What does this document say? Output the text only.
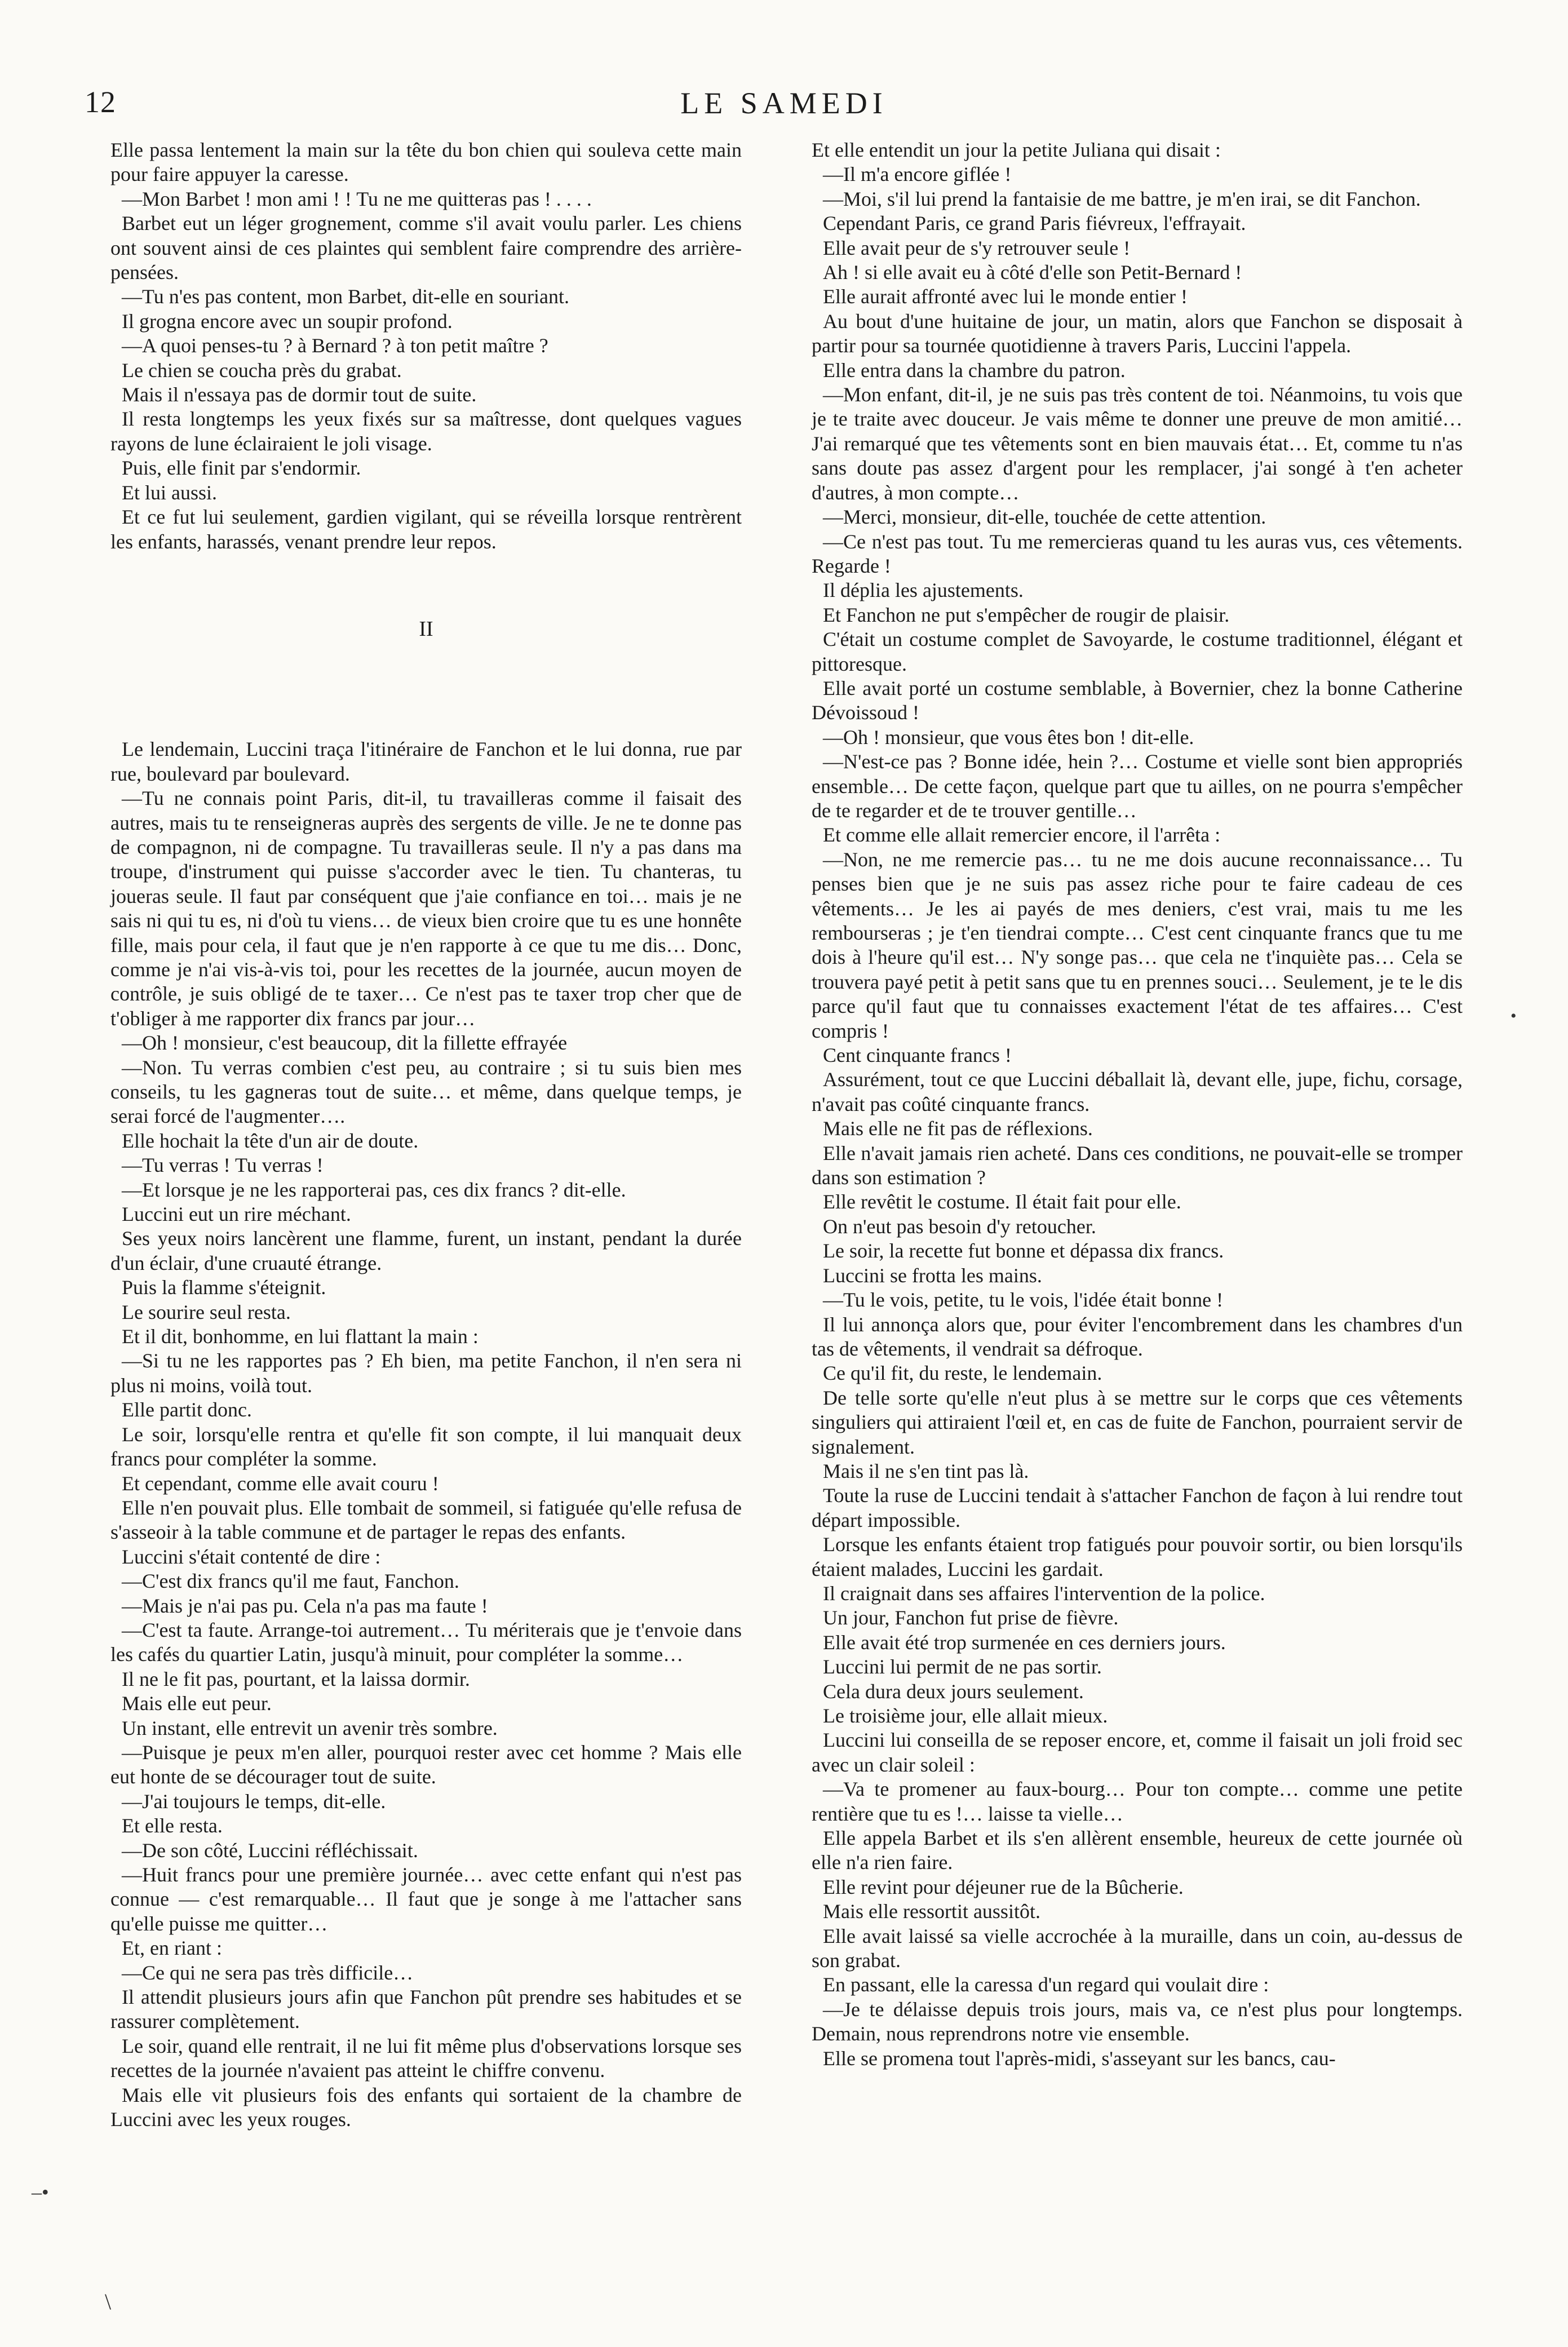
12	LE SAMEDI

Elle passa lentement la main sur la tête du bon chien qui souleva cette main pour faire appuyer la caresse.

—Mon Barbet ! mon ami ! ! Tu ne me quitteras pas ! . . . .

Barbet eut un léger grognement, comme s'il avait voulu parler. Les chiens ont souvent ainsi de ces plaintes qui semblent faire comprendre des arrière-pensées.

—Tu n'es pas content, mon Barbet, dit-elle en souriant.

Il grogna encore avec un soupir profond.

—A quoi penses-tu ? à Bernard ? à ton petit maître ?

Le chien se coucha près du grabat.

Mais il n'essaya pas de dormir tout de suite.

Il resta longtemps les yeux fixés sur sa maîtresse, dont quelques vagues rayons de lune éclairaient le joli visage.

Puis, elle finit par s'endormir.

Et lui aussi.

Et ce fut lui seulement, gardien vigilant, qui se réveilla lorsque rentrèrent les enfants, harassés, venant prendre leur repos.

II

Le lendemain, Luccini traça l'itinéraire de Fanchon et le lui donna, rue par rue, boulevard par boulevard.

—Tu ne connais point Paris, dit-il, tu travailleras comme il faisait des autres, mais tu te renseigneras auprès des sergents de ville. Je ne te donne pas de compagnon, ni de compagne. Tu travailleras seule. Il n'y a pas dans ma troupe, d'instrument qui puisse s'accorder avec le tien. Tu chanteras, tu joueras seule. Il faut par conséquent que j'aie confiance en toi… mais je ne sais ni qui tu es, ni d'où tu viens… de vieux bien croire que tu es une honnête fille, mais pour cela, il faut que je n'en rapporte à ce que tu me dis… Donc, comme je n'ai vis-à-vis toi, pour les recettes de la journée, aucun moyen de contrôle, je suis obligé de te taxer… Ce n'est pas te taxer trop cher que de t'obliger à me rapporter dix francs par jour…

—Oh ! monsieur, c'est beaucoup, dit la fillette effrayée

—Non. Tu verras combien c'est peu, au contraire ; si tu suis bien mes conseils, tu les gagneras tout de suite… et même, dans quelque temps, je serai forcé de l'augmenter….

Elle hochait la tête d'un air de doute.

—Tu verras ! Tu verras !

—Et lorsque je ne les rapporterai pas, ces dix francs ? dit-elle.

Luccini eut un rire méchant.

Ses yeux noirs lancèrent une flamme, furent, un instant, pendant la durée d'un éclair, d'une cruauté étrange.

Puis la flamme s'éteignit.

Le sourire seul resta.

Et il dit, bonhomme, en lui flattant la main :

—Si tu ne les rapportes pas ? Eh bien, ma petite Fanchon, il n'en sera ni plus ni moins, voilà tout.

Elle partit donc.

Le soir, lorsqu'elle rentra et qu'elle fit son compte, il lui manquait deux francs pour compléter la somme.

Et cependant, comme elle avait couru !

Elle n'en pouvait plus. Elle tombait de sommeil, si fatiguée qu'elle refusa de s'asseoir à la table commune et de partager le repas des enfants.

Luccini s'était contenté de dire :

—C'est dix francs qu'il me faut, Fanchon.

—Mais je n'ai pas pu. Cela n'a pas ma faute !

—C'est ta faute. Arrange-toi autrement… Tu mériterais que je t'envoie dans les cafés du quartier Latin, jusqu'à minuit, pour compléter la somme…

Il ne le fit pas, pourtant, et la laissa dormir.

Mais elle eut peur.

Un instant, elle entrevit un avenir très sombre.

—Puisque je peux m'en aller, pourquoi rester avec cet homme ? Mais elle eut honte de se décourager tout de suite.

—J'ai toujours le temps, dit-elle.

Et elle resta.

—De son côté, Luccini réfléchissait.

—Huit francs pour une première journée… avec cette enfant qui n'est pas connue — c'est remarquable… Il faut que je songe à me l'attacher sans qu'elle puisse me quitter…

Et, en riant :

—Ce qui ne sera pas très difficile…

Il attendit plusieurs jours afin que Fanchon pût prendre ses habitudes et se rassurer complètement.

Le soir, quand elle rentrait, il ne lui fit même plus d'observations lorsque ses recettes de la journée n'avaient pas atteint le chiffre convenu.

Mais elle vit plusieurs fois des enfants qui sortaient de la chambre de Luccini avec les yeux rouges.

Et elle entendit un jour la petite Juliana qui disait :

—Il m'a encore giflée !

—Moi, s'il lui prend la fantaisie de me battre, je m'en irai, se dit Fanchon.

Cependant Paris, ce grand Paris fiévreux, l'effrayait.

Elle avait peur de s'y retrouver seule !

Ah ! si elle avait eu à côté d'elle son Petit-Bernard !

Elle aurait affronté avec lui le monde entier !

Au bout d'une huitaine de jour, un matin, alors que Fanchon se disposait à partir pour sa tournée quotidienne à travers Paris, Luccini l'appela.

Elle entra dans la chambre du patron.

—Mon enfant, dit-il, je ne suis pas très content de toi. Néanmoins, tu vois que je te traite avec douceur. Je vais même te donner une preuve de mon amitié… J'ai remarqué que tes vêtements sont en bien mauvais état… Et, comme tu n'as sans doute pas assez d'argent pour les remplacer, j'ai songé à t'en acheter d'autres, à mon compte…

—Merci, monsieur, dit-elle, touchée de cette attention.

—Ce n'est pas tout. Tu me remercieras quand tu les auras vus, ces vêtements. Regarde !

Il déplia les ajustements.

Et Fanchon ne put s'empêcher de rougir de plaisir.

C'était un costume complet de Savoyarde, le costume traditionnel, élégant et pittoresque.

Elle avait porté un costume semblable, à Bovernier, chez la bonne Catherine Dévoissoud !

—Oh ! monsieur, que vous êtes bon ! dit-elle.

—N'est-ce pas ? Bonne idée, hein ?… Costume et vielle sont bien appropriés ensemble… De cette façon, quelque part que tu ailles, on ne pourra s'empêcher de te regarder et de te trouver gentille…

Et comme elle allait remercier encore, il l'arrêta :

—Non, ne me remercie pas… tu ne me dois aucune reconnaissance… Tu penses bien que je ne suis pas assez riche pour te faire cadeau de ces vêtements… Je les ai payés de mes deniers, c'est vrai, mais tu me les rembourseras ; je t'en tiendrai compte… C'est cent cinquante francs que tu me dois à l'heure qu'il est… N'y songe pas… que cela ne t'inquiète pas… Cela se trouvera payé petit à petit sans que tu en prennes souci… Seulement, je te le dis parce qu'il faut que tu connaisses exactement l'état de tes affaires… C'est compris !

Cent cinquante francs !

Assurément, tout ce que Luccini déballait là, devant elle, jupe, fichu, corsage, n'avait pas coûté cinquante francs.

Mais elle ne fit pas de réflexions.

Elle n'avait jamais rien acheté. Dans ces conditions, ne pouvait-elle se tromper dans son estimation ?

Elle revêtit le costume. Il était fait pour elle.

On n'eut pas besoin d'y retoucher.

Le soir, la recette fut bonne et dépassa dix francs.

Luccini se frotta les mains.

—Tu le vois, petite, tu le vois, l'idée était bonne !

Il lui annonça alors que, pour éviter l'encombrement dans les chambres d'un tas de vêtements, il vendrait sa défroque.

Ce qu'il fit, du reste, le lendemain.

De telle sorte qu'elle n'eut plus à se mettre sur le corps que ces vêtements singuliers qui attiraient l'œil et, en cas de fuite de Fanchon, pourraient servir de signalement.

Mais il ne s'en tint pas là.

Toute la ruse de Luccini tendait à s'attacher Fanchon de façon à lui rendre tout départ impossible.

Lorsque les enfants étaient trop fatigués pour pouvoir sortir, ou bien lorsqu'ils étaient malades, Luccini les gardait.

Il craignait dans ses affaires l'intervention de la police.

Un jour, Fanchon fut prise de fièvre.

Elle avait été trop surmenée en ces derniers jours.

Luccini lui permit de ne pas sortir.

Cela dura deux jours seulement.

Le troisième jour, elle allait mieux.

Luccini lui conseilla de se reposer encore, et, comme il faisait un joli froid sec avec un clair soleil :

—Va te promener au faux-bourg… Pour ton compte… comme une petite rentière que tu es !… laisse ta vielle…

Elle appela Barbet et ils s'en allèrent ensemble, heureux de cette journée où elle n'a rien faire.

Elle revint pour déjeuner rue de la Bûcherie.

Mais elle ressortit aussitôt.

Elle avait laissé sa vielle accrochée à la muraille, dans un coin, au-dessus de son grabat.

En passant, elle la caressa d'un regard qui voulait dire :

—Je te délaisse depuis trois jours, mais va, ce n'est plus pour longtemps. Demain, nous reprendrons notre vie ensemble.

Elle se promena tout l'après-midi, s'asseyant sur les bancs, cau-

‒•
\
•
